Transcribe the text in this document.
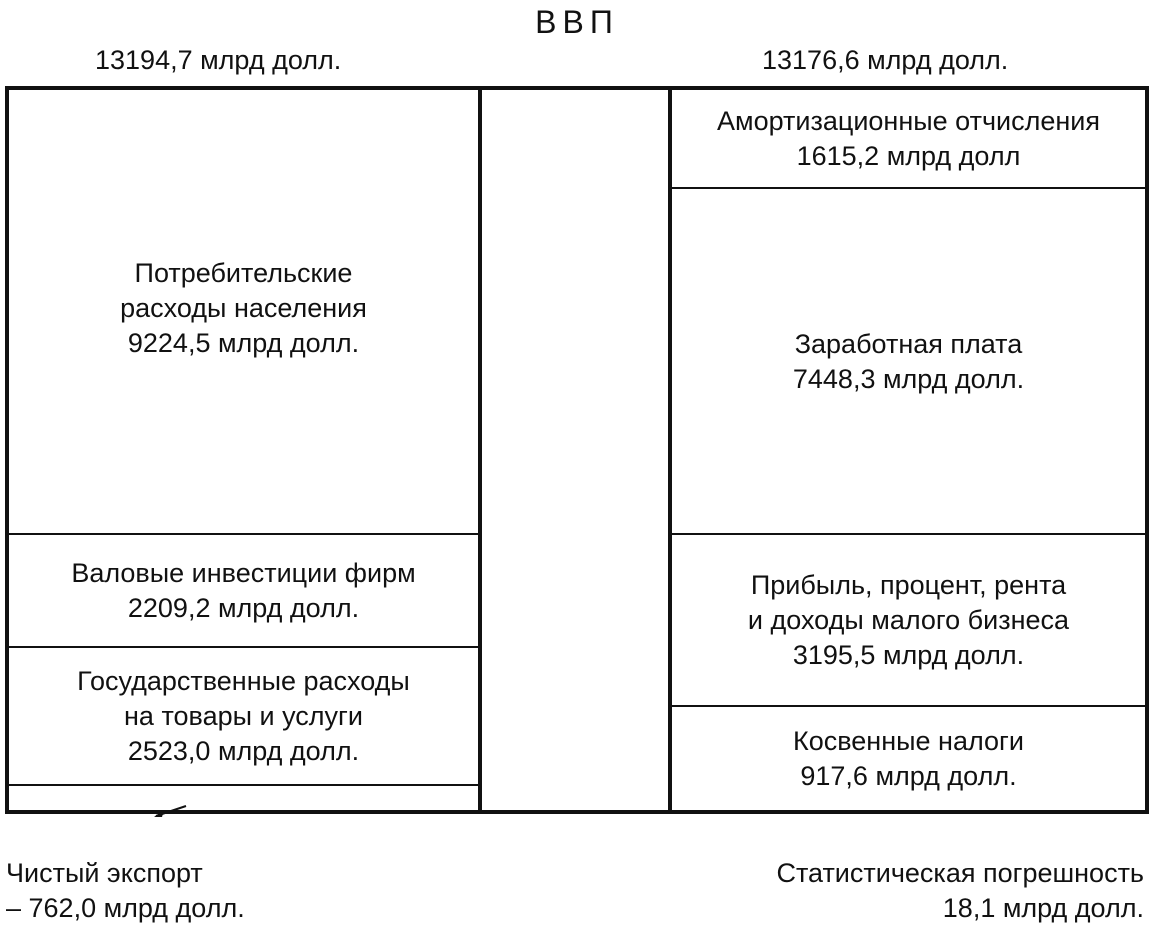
ВВП
13194,7 млрд долл.	13176,6 млрд долл.
Потребительские
расходы населения
9224,5 млрд долл.
Валовые инвестиции фирм
2209,2 млрд долл.
Государственные расходы
на товары и услуги
2523,0 млрд долл.
Амортизационные отчисления
1615,2 млрд долл
Заработная плата
7448,3 млрд долл.
Прибыль, процент, рента
и доходы малого бизнеса
3195,5 млрд долл.
Косвенные налоги
917,6 млрд долл.
Чистый экспорт
– 762,0 млрд долл.
Статистическая погрешность
18,1 млрд долл.
